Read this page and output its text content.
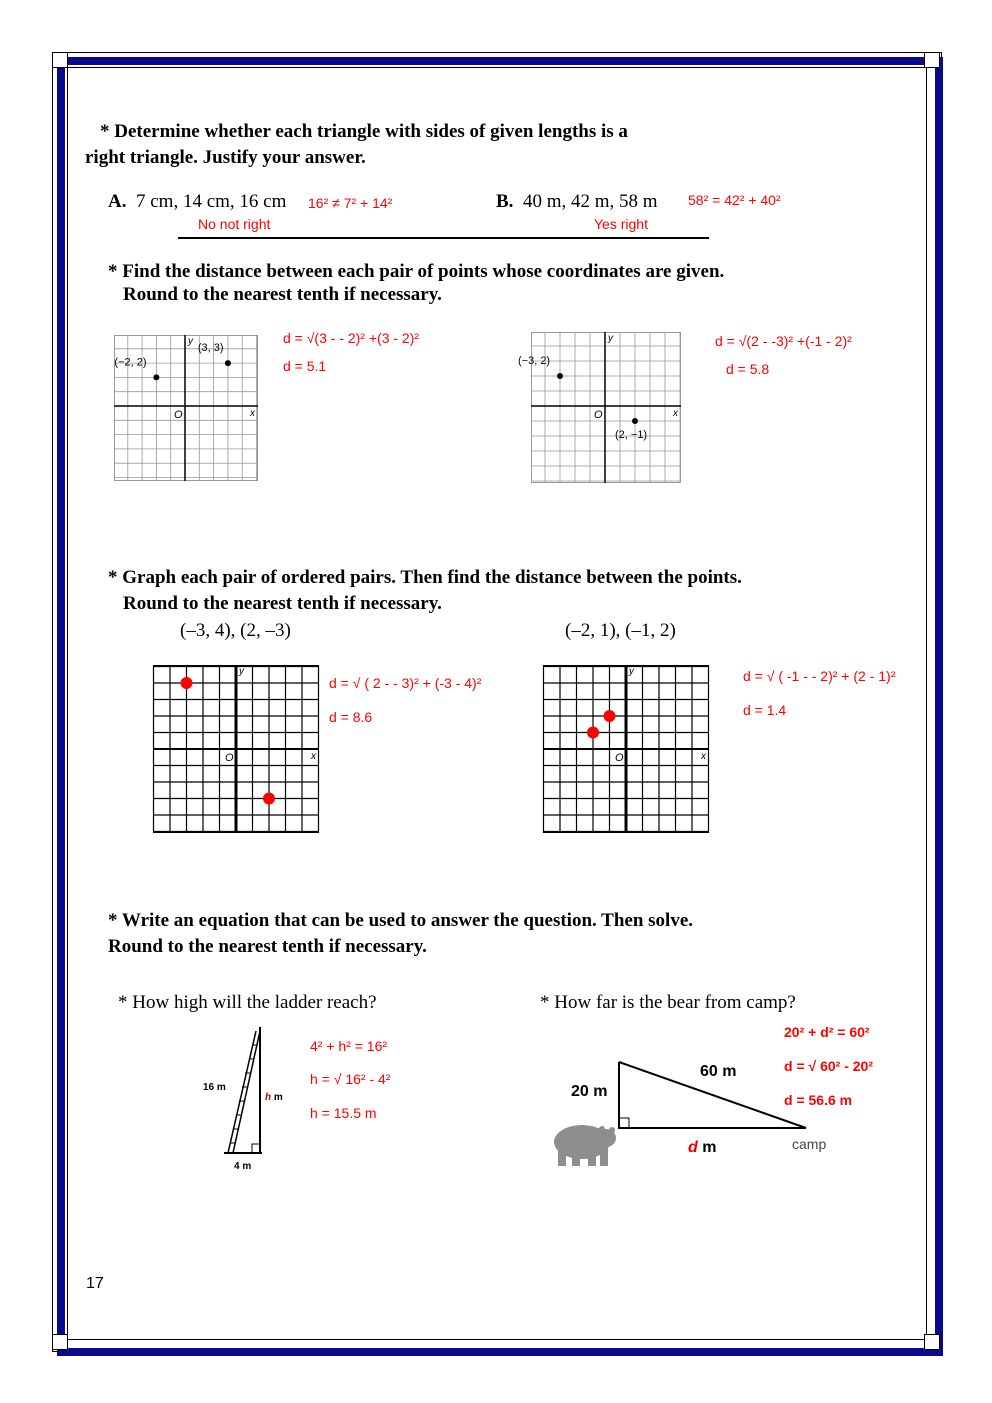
* Determine whether each triangle with sides of given lengths is a
right triangle. Justify your answer.
A. 7 cm, 14 cm, 16 cm 16² ≠ 7² + 14²
No not right
B. 40 m, 42 m, 58 m 58² = 42² + 40²
Yes right
* Find the distance between each pair of points whose coordinates are given.
Round to the nearest tenth if necessary.
x
y
O
(−2, 2)
(3, 3)
d = √(3 - - 2)² +(3 - 2)²
d = 5.1
x
y
O
(−3, 2)
(2, −1)
d = √(2 - -3)² +(-1 - 2)²
d = 5.8
* Graph each pair of ordered pairs. Then find the distance between the points.
Round to the nearest tenth if necessary.
(–3, 4), (2, –3)	(–2, 1), (–1, 2)
x
y
O
d = √ ( 2 - - 3)² + (-3 - 4)²
d = 8.6
x
y
O
d = √ ( -1 - - 2)² + (2 - 1)²
d = 1.4
* Write an equation that can be used to answer the question. Then solve.
Round to the nearest tenth if necessary.
* How high will the ladder reach?	* How far is the bear from camp?
16 m
h m
4 m
4² + h² = 16²
h = √ 16² - 4²
h = 15.5 m
20 m
60 m
d m	camp
20² + d² = 60²
d = √ 60² - 20²
d = 56.6 m
17
